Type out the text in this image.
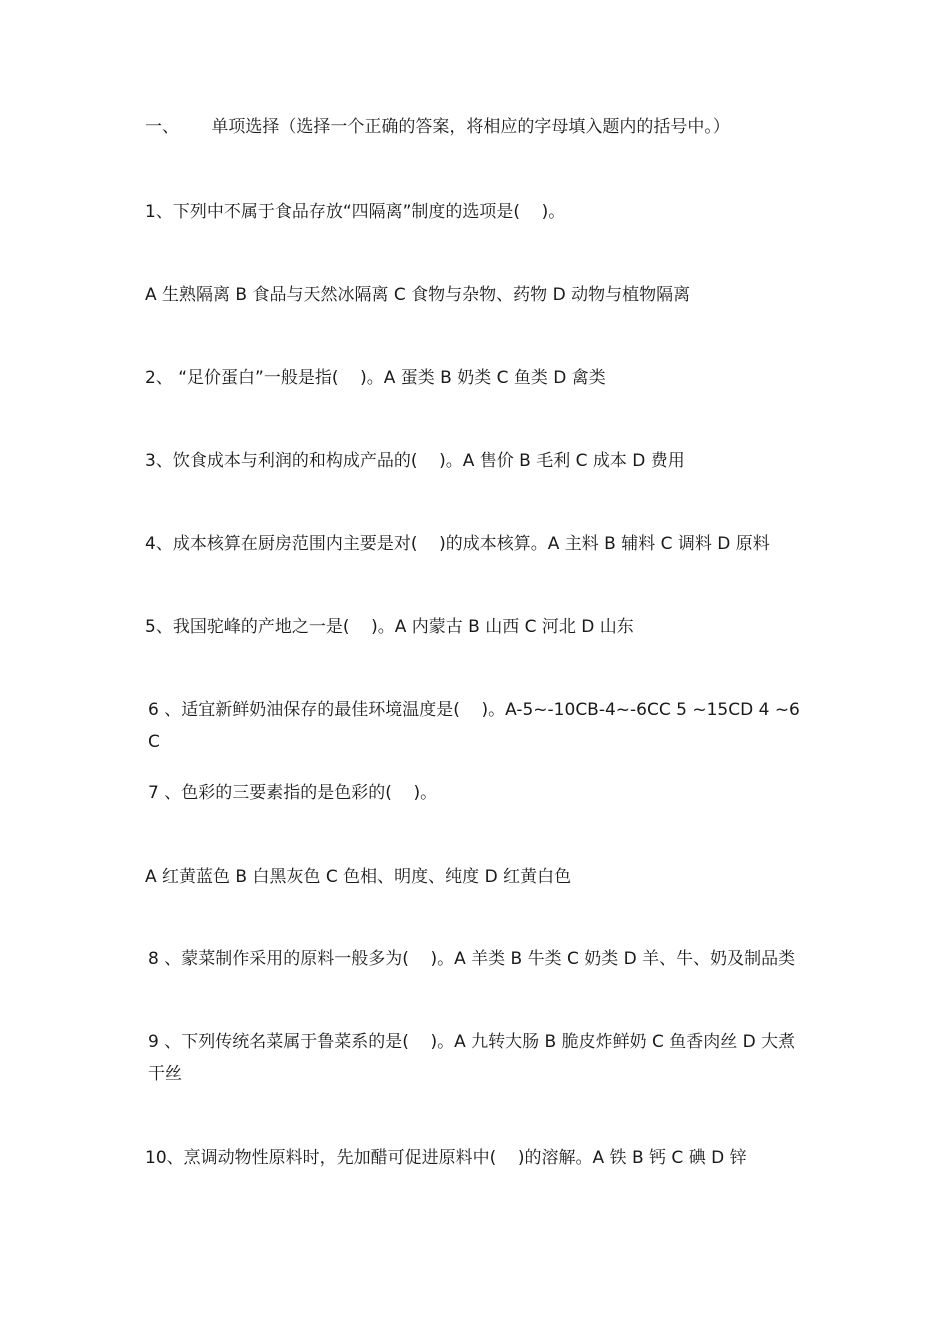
一、      单项选择（选择一个正确的答案，将相应的字母填入题内的括号中。）
1、下列中不属于食品存放“四隔离”制度的选项是(    )。
A 生熟隔离 B 食品与天然冰隔离 C 食物与杂物、药物 D 动物与植物隔离
2、 “足价蛋白”一般是指(    )。A 蛋类 B 奶类 C 鱼类 D 禽类
3、饮食成本与利润的和构成产品的(    )。A 售价 B 毛利 C 成本 D 费用
4、成本核算在厨房范围内主要是对(    )的成本核算。A 主料 B 辅料 C 调料 D 原料
5、我国驼峰的产地之一是(    )。A 内蒙古 B 山西 C 河北 D 山东
6 、适宜新鲜奶油保存的最佳环境温度是(    )。A-5~-10CB-4~-6CC 5 ~15CD 4 ~6C
7 、色彩的三要素指的是色彩的(    )。
A 红黄蓝色 B 白黑灰色 C 色相、明度、纯度 D 红黄白色
8 、蒙菜制作采用的原料一般多为(    )。A 羊类 B 牛类 C 奶类 D 羊、牛、奶及制品类
9 、下列传统名菜属于鲁菜系的是(    )。A 九转大肠 B 脆皮炸鲜奶 C 鱼香肉丝 D 大煮干丝
10、烹调动物性原料时，先加醋可促进原料中(    )的溶解。A 铁 B 钙 C 碘 D 锌
